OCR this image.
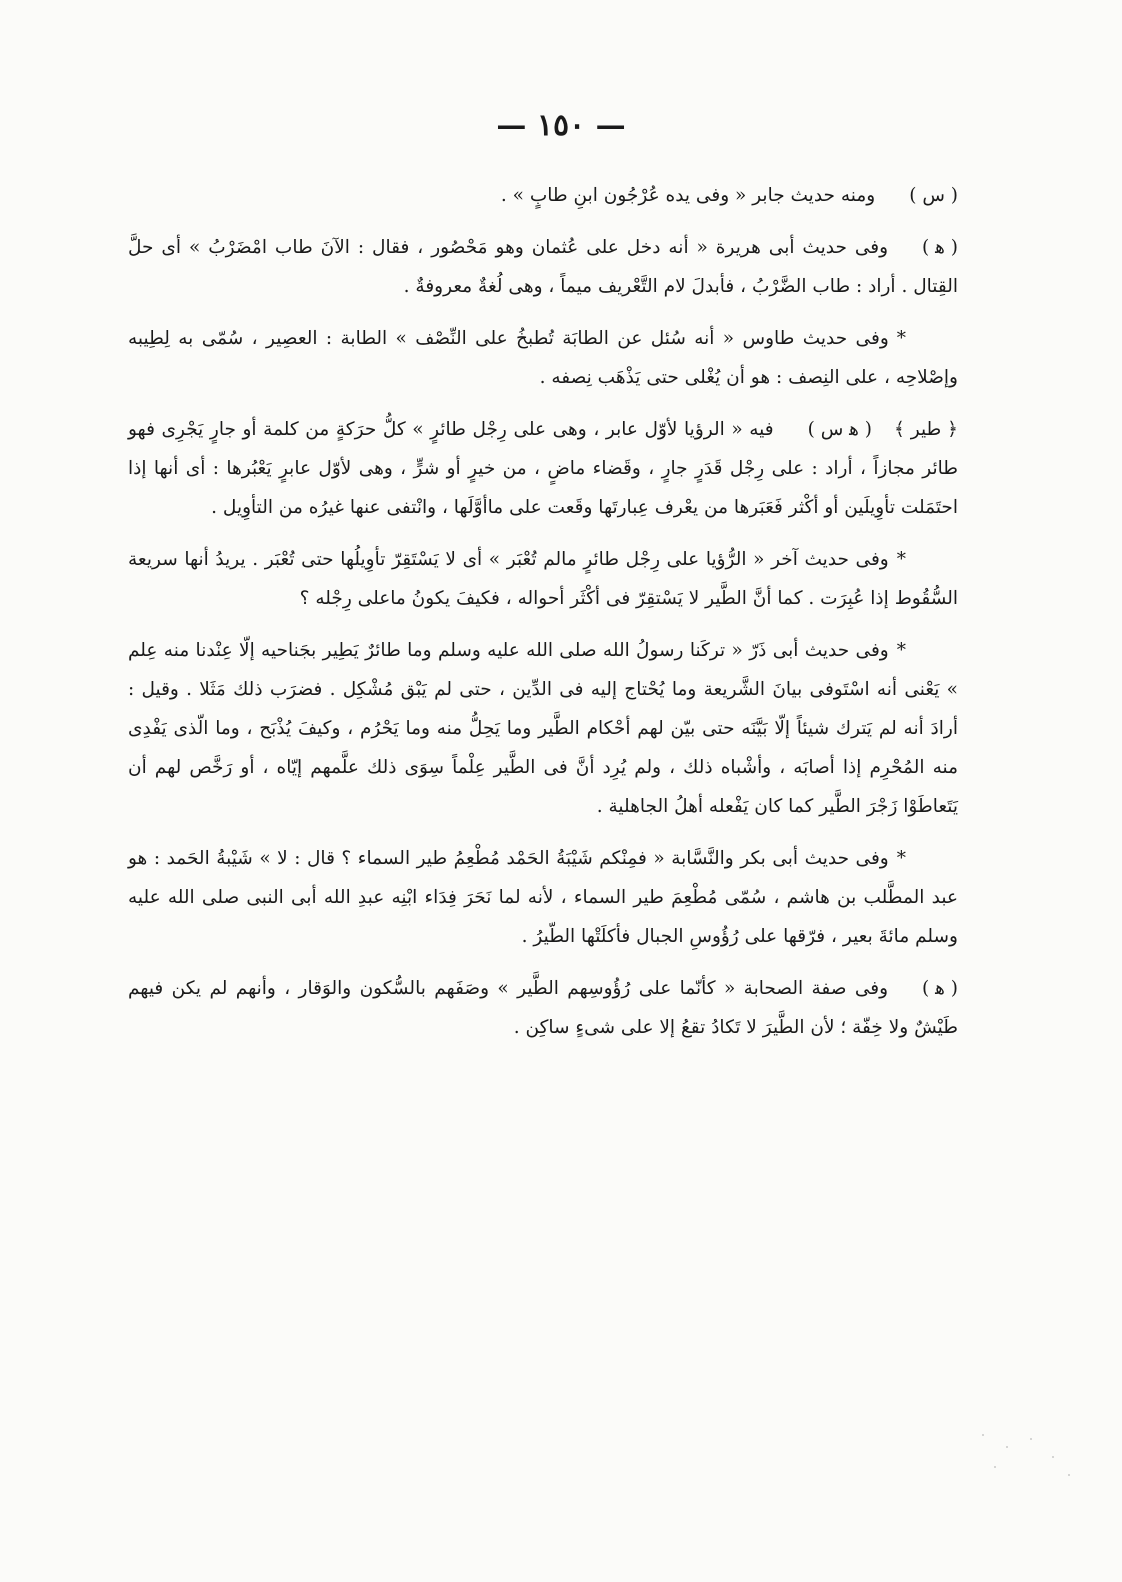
— ١٥٠ —

( س )ومنه حديث جابر « وفى يده عُرْجُون ابنِ طابٍ » .

( ﻫ )وفى حديث أبى هريرة « أنه دخل على عُثمان وهو مَحْصُور ، فقال : الآنَ طاب امْضَرْبُ » أى حلَّ القِتال . أراد : طاب الضَّرْبُ ، فأبدلَ لام التَّعْريف ميماً ، وهى لُغةٌ معروفةٌ .

*وفى حديث طاوس « أنه سُئل عن الطابَة تُطبخُ على النِّصْف » الطابة : العصِير ، سُمّى به لِطِيبه وإصْلاحِه ، على النِصف : هو أن يُغْلى حتى يَذْهَب نِصفه .

﴿ طير ﴾( ﻫ س )فيه « الرؤيا لأوّل عابر ، وهى على رِجْل طائرٍ » كلُّ حرَكةٍ من كلمة أو جارٍ يَجْرِى فهو طائر مجازاً ، أراد : على رِجْل قَدَرٍ جارٍ ، وقَضاء ماضٍ ، من خيرٍ أو شرٍّ ، وهى لأوّل عابرٍ يَعْبُرها : أى أنها إذا احتَمَلت تأوِيلَين أو أكْثر فَعَبَرها من يعْرف عِبارتَها وقَعت على ماأوَّلَها ، وانْتفى عنها غيرُه من التأوِيل .

*وفى حديث آخر « الرُّؤيا على رِجْل طائرٍ مالم تُعْبَر » أى لا يَسْتَقِرّ تأوِيلُها حتى تُعْبَر . يريدُ أنها سريعة السُّقُوط إذا عُبِرَت . كما أنَّ الطَّير لا يَسْتقِرّ فى أكْثَر أحواله ، فكيفَ يكونُ ماعلى رِجْله ؟

*وفى حديث أبى ذَرّ « تركَنا رسولُ الله صلى الله عليه وسلم وما طائرٌ يَطِير بجَناحيه إلّا عِنْدنا منه عِلم » يَعْنى أنه اسْتَوفى بيانَ الشَّريعة وما يُحْتاج إليه فى الدِّين ، حتى لم يَبْق مُشْكِل . فضرَب ذلك مَثَلا . وقيل : أرادَ أنه لم يَترك شيئاً إلّا بَيَّنَه حتى بيّن لهم أحْكام الطَّير وما يَحِلُّ منه وما يَحْرُم ، وكيفَ يُذْبَح ، وما الّذى يَفْدِى منه المُحْرِم إذا أصابَه ، وأشْباه ذلك ، ولم يُرِد أنَّ فى الطَّير عِلْماً سِوَى ذلك علَّمهم إيّاه ، أو رَخَّص لهم أن يَتَعاطَوْا زَجْرَ الطَّير كما كان يَفْعله أهلُ الجاهلية .

*وفى حديث أبى بكر والنَّسَّابة « فمِنْكم شَيْبَةُ الحَمْد مُطْعِمُ طير السماء ؟ قال : لا » شَيْبةُ الحَمد : هو عبد المطَّلب بن هاشم ، سُمّى مُطْعِمَ طير السماء ، لأنه لما نَحَرَ فِدَاء ابْنِه عبدِ الله أبى النبى صلى الله عليه وسلم مائةَ بعير ، فرّقها على رُؤُوسِ الجبال فأكلَتْها الطّيرُ .

( ﻫ )وفى صفة الصحابة « كأنّما على رُؤُوسِهم الطَّير » وصَفَهم بالسُّكون والوَقار ، وأنهم لم يكن فيهم طَيْشٌ ولا خِفّة ؛ لأن الطَّيرَ لا تَكادُ تقعُ إلا على شىءٍ ساكِن .
